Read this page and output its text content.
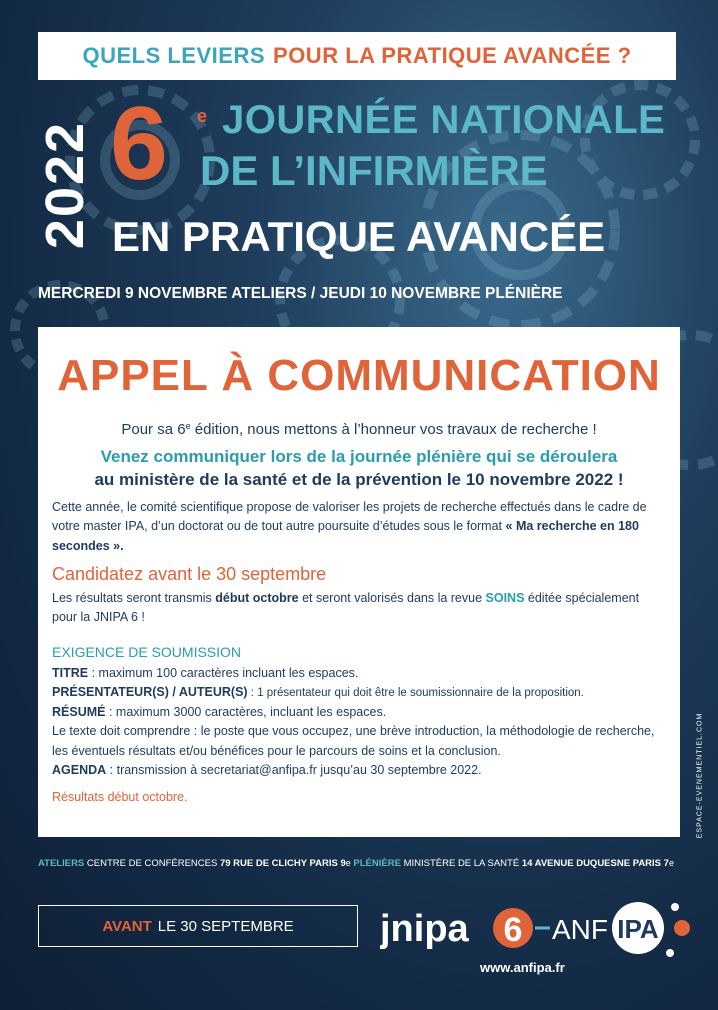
QUELS LEVIERS POUR LA PRATIQUE AVANCÉE ?
2022 6 e JOURNÉE NATIONALE
DE L’INFIRMIÈRE
EN PRATIQUE AVANCÉE
MERCREDI 9 NOVEMBRE ATELIERS / JEUDI 10 NOVEMBRE PLÉNIÈRE
APPEL À COMMUNICATION
Pour sa 6e édition, nous mettons à l’honneur vos travaux de recherche !
Venez communiquer lors de la journée plénière qui se déroulera
au ministère de la santé et de la prévention le 10 novembre 2022 !
Cette année, le comité scientifique propose de valoriser les projets de recherche effectués dans le cadre de votre master IPA, d’un doctorat ou de tout autre poursuite d’études sous le format « Ma recherche en 180 secondes ».
Candidatez avant le 30 septembre
Les résultats seront transmis début octobre et seront valorisés dans la revue SOINS éditée spécialement pour la JNIPA 6 !
EXIGENCE DE SOUMISSION
TITRE : maximum 100 caractères incluant les espaces.
PRÉSENTATEUR(S) / AUTEUR(S) : 1 présentateur qui doit être le soumissionnaire de la proposition.
RÉSUMÉ : maximum 3000 caractères, incluant les espaces.
Le texte doit comprendre : le poste que vous occupez, une brève introduction, la méthodologie de recherche, les éventuels résultats et/ou bénéfices pour le parcours de soins et la conclusion.
AGENDA : transmission à secretariat@anfipa.fr jusqu’au 30 septembre 2022.
Résultats début octobre.	ESPACE-EVENEMENTIEL.COM
ATELIERS CENTRE DE CONFÉRENCES 79 RUE DE CLICHY PARIS 9e PLÉNIÈRE MINISTÈRE DE LA SANTÉ 14 AVENUE DUQUESNE PARIS 7e
AVANT LE 30 SEPTEMBRE jnipa 6 ANF IPA
www.anfipa.fr
